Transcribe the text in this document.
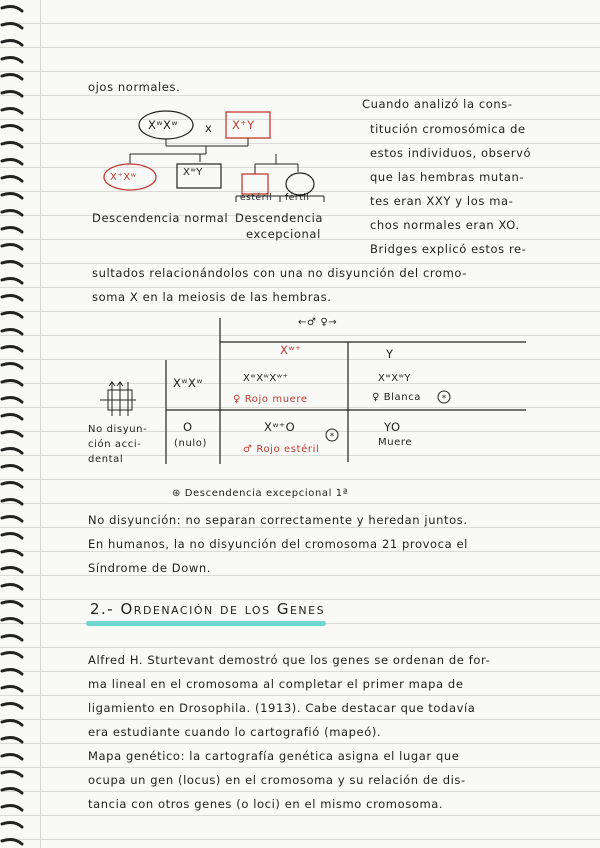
ojos normales.
XʷXʷ x X⁺Y
X⁺Xʷ	XʷY
estéril fértil
Descendencia normal Descendencia
excepcional
Cuando analizó la cons-
titución cromosómica de
estos individuos, observó
que las hembras mutan-
tes eran XXY y los ma-
chos normales eran XO.
Bridges explicó estos re-
sultados relacionándolos con una no disyunción del cromo-
soma X en la meiosis de las hembras.
*
*
←♂ ♀→
Xʷ⁺	Y
XʷXʷ
O
(nulo)
No disyun-
ción acci-
dental
XʷXʷXʷ⁺
♀ Rojo muere
XʷXʷY
♀ Blanca
Xʷ⁺O
♂ Rojo estéril
YO
Muere
⊛ Descendencia excepcional 1ª
No disyunción: no separan correctamente y heredan juntos.
En humanos, la no disyunción del cromosoma 21 provoca el
Síndrome de Down.
2.- Ordenación de los Genes
Alfred H. Sturtevant demostró que los genes se ordenan de for-
ma lineal en el cromosoma al completar el primer mapa de
ligamiento en Drosophila. (1913). Cabe destacar que todavía
era estudiante cuando lo cartografió (mapeó).
Mapa genético: la cartografía genética asigna el lugar que
ocupa un gen (locus) en el cromosoma y su relación de dis-
tancia con otros genes (o loci) en el mismo cromosoma.
